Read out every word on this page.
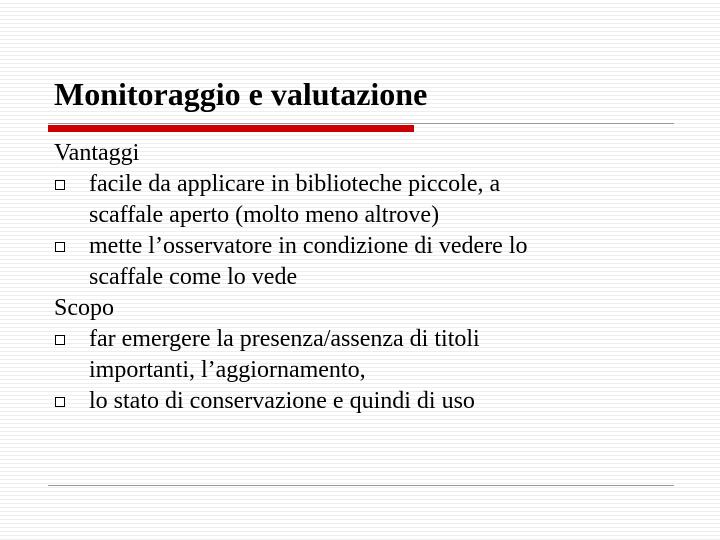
Monitoraggio e valutazione
Vantaggi
facile da applicare in biblioteche piccole, a
scaffale aperto (molto meno altrove)
mette l’osservatore in condizione di vedere lo
scaffale come lo vede
Scopo
far emergere la presenza/assenza di titoli
importanti, l’aggiornamento,
lo stato di conservazione e quindi di uso
